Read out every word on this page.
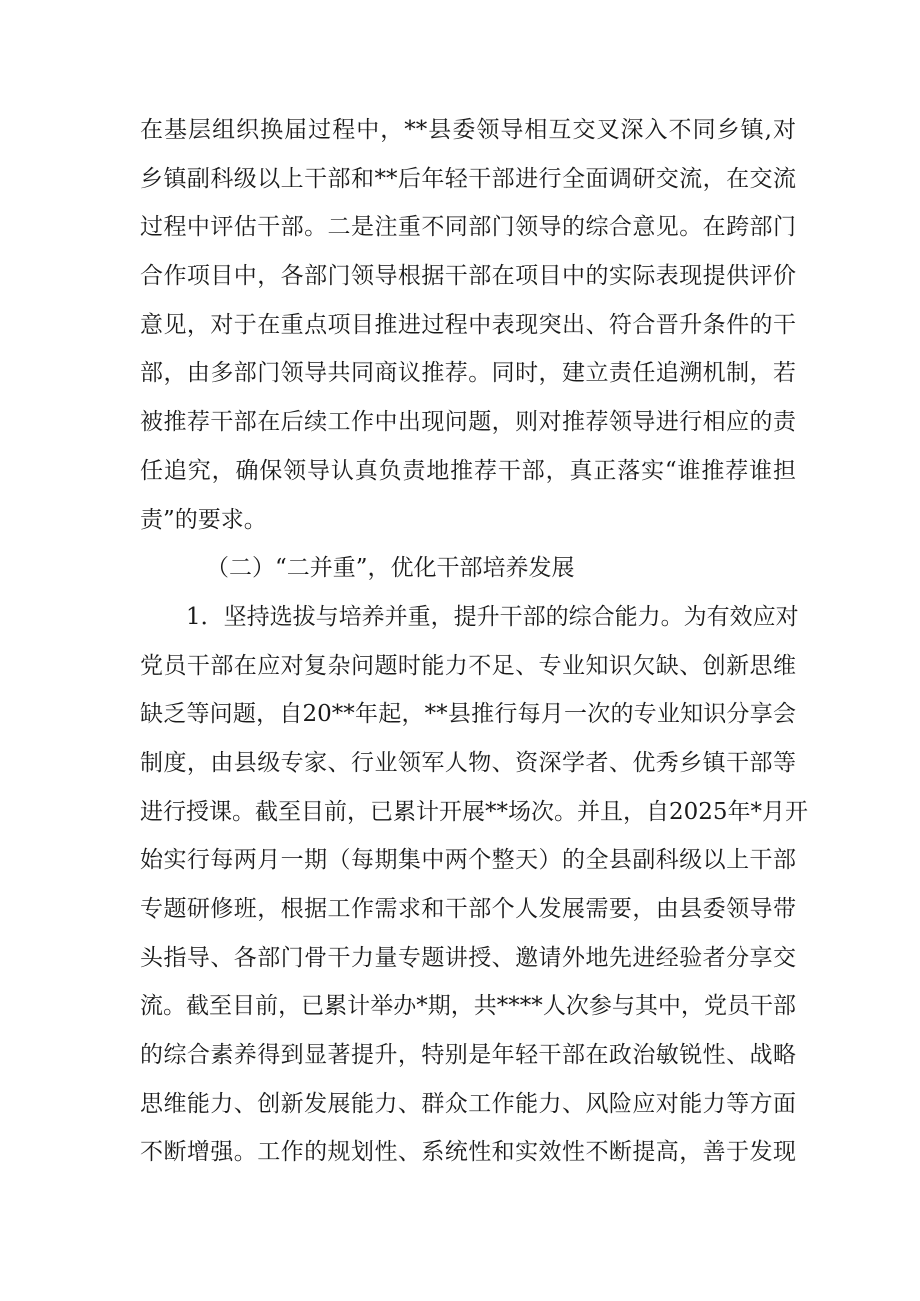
在基层组织换届过程中，**县委领导相互交叉深入不同乡镇,对
乡镇副科级以上干部和**后年轻干部进行全面调研交流，在交流
过程中评估干部。二是注重不同部门领导的综合意见。在跨部门
合作项目中，各部门领导根据干部在项目中的实际表现提供评价
意见，对于在重点项目推进过程中表现突出、符合晋升条件的干
部，由多部门领导共同商议推荐。同时，建立责任追溯机制，若
被推荐干部在后续工作中出现问题，则对推荐领导进行相应的责
任追究，确保领导认真负责地推荐干部，真正落实“谁推荐谁担
责”的要求。
（二）“二并重”，优化干部培养发展
1．坚持选拔与培养并重，提升干部的综合能力。为有效应对
党员干部在应对复杂问题时能力不足、专业知识欠缺、创新思维
缺乏等问题，自20**年起，**县推行每月一次的专业知识分享会
制度，由县级专家、行业领军人物、资深学者、优秀乡镇干部等
进行授课。截至目前，已累计开展**场次。并且，自2025年*月开
始实行每两月一期（每期集中两个整天）的全县副科级以上干部
专题研修班，根据工作需求和干部个人发展需要，由县委领导带
头指导、各部门骨干力量专题讲授、邀请外地先进经验者分享交
流。截至目前，已累计举办*期，共****人次参与其中，党员干部
的综合素养得到显著提升，特别是年轻干部在政治敏锐性、战略
思维能力、创新发展能力、群众工作能力、风险应对能力等方面
不断增强。工作的规划性、系统性和实效性不断提高，善于发现
